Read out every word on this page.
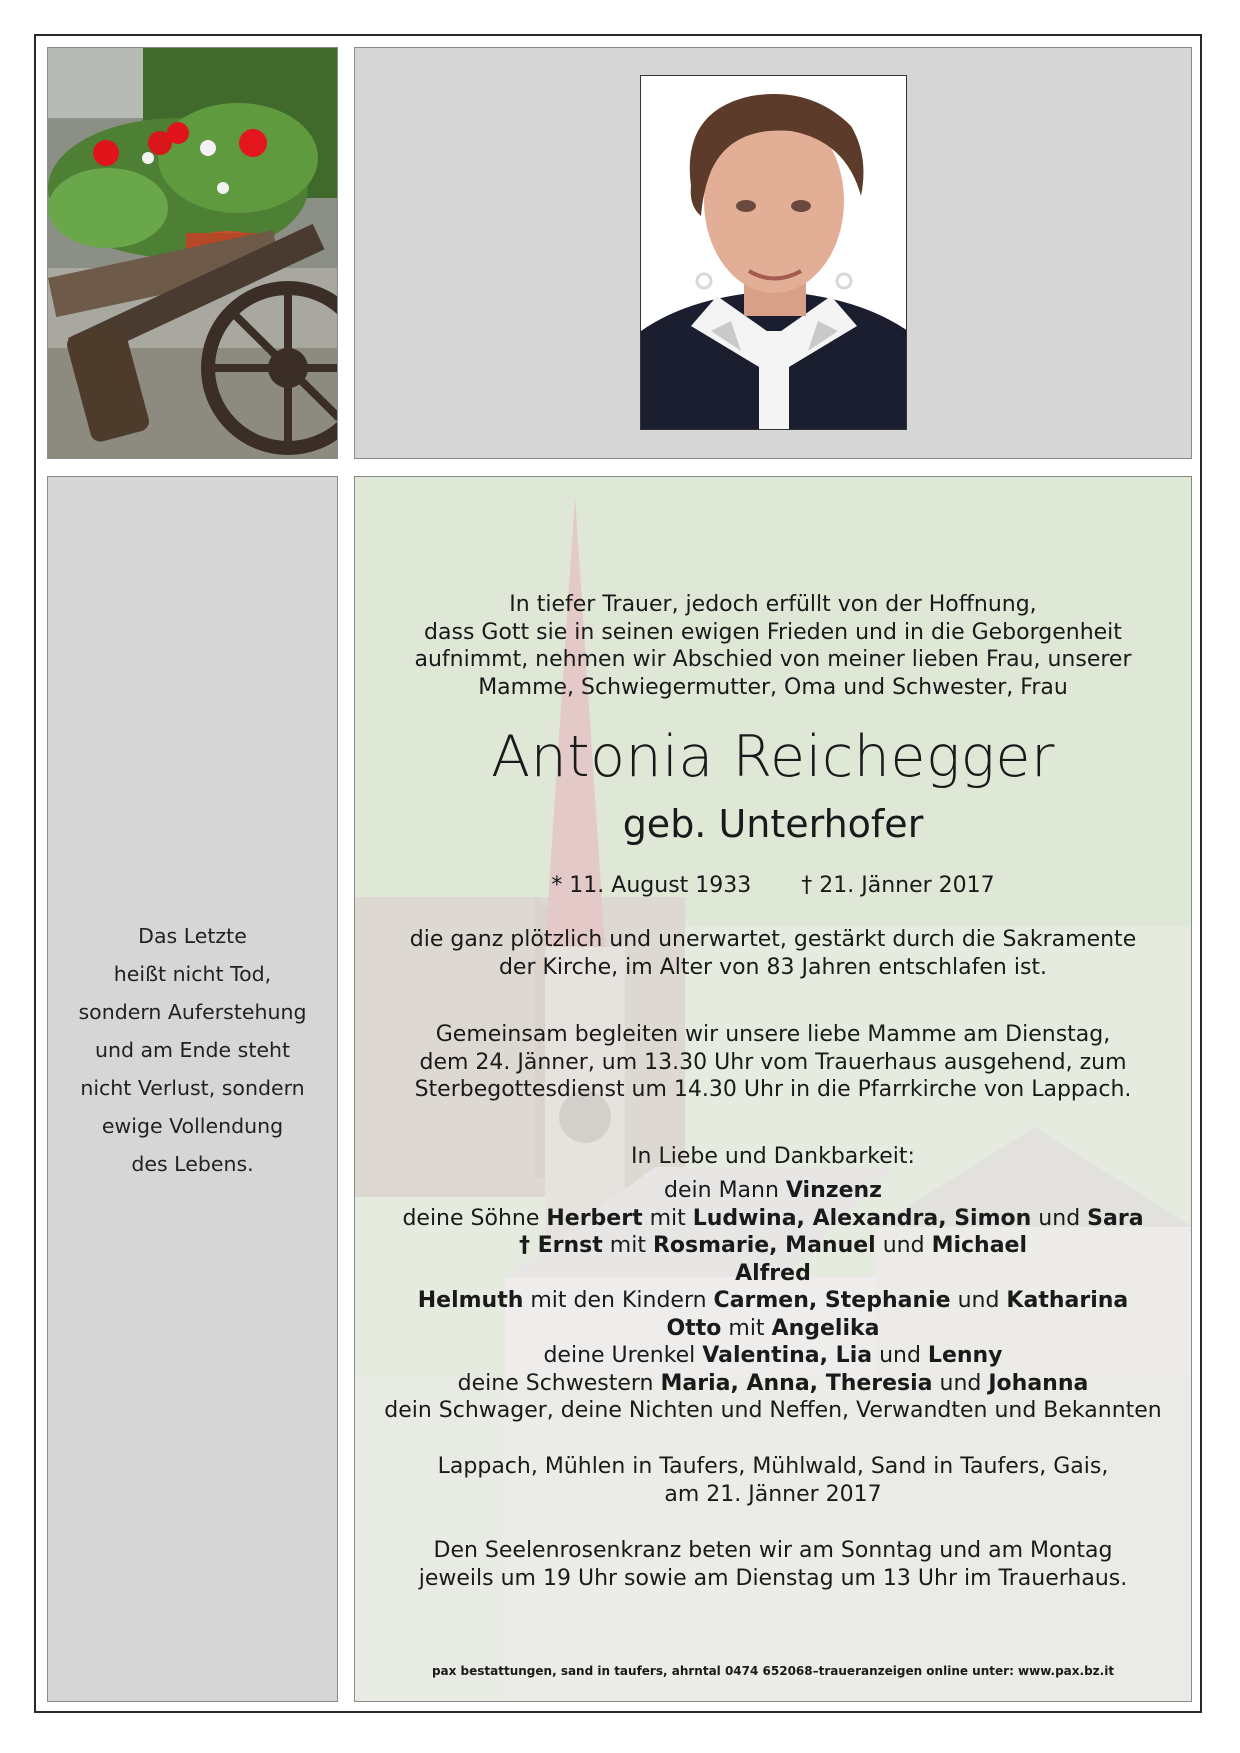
Das Letzte
heißt nicht Tod,
sondern Auferstehung
und am Ende steht
nicht Verlust, sondern
ewige Vollendung
des Lebens.
In tiefer Trauer, jedoch erfüllt von der Hoffnung,
dass Gott sie in seinen ewigen Frieden und in die Geborgenheit
aufnimmt, nehmen wir Abschied von meiner lieben Frau, unserer
Mamme, Schwiegermutter, Oma und Schwester, Frau
Antonia Reichegger
geb. Unterhofer
* 11. August 1933 † 21. Jänner 2017
die ganz plötzlich und unerwartet, gestärkt durch die Sakramente
der Kirche, im Alter von 83 Jahren entschlafen ist.
Gemeinsam begleiten wir unsere liebe Mamme am Dienstag,
dem 24. Jänner, um 13.30 Uhr vom Trauerhaus ausgehend, zum
Sterbegottesdienst um 14.30 Uhr in die Pfarrkirche von Lappach.
In Liebe und Dankbarkeit:
dein Mann Vinzenz
deine Söhne Herbert mit Ludwina, Alexandra, Simon und Sara
† Ernst mit Rosmarie, Manuel und Michael
Alfred
Helmuth mit den Kindern Carmen, Stephanie und Katharina
Otto mit Angelika
deine Urenkel Valentina, Lia und Lenny
deine Schwestern Maria, Anna, Theresia und Johanna
dein Schwager, deine Nichten und Neffen, Verwandten und Bekannten
Lappach, Mühlen in Taufers, Mühlwald, Sand in Taufers, Gais,
am 21. Jänner 2017
Den Seelenrosenkranz beten wir am Sonntag und am Montag
jeweils um 19 Uhr sowie am Dienstag um 13 Uhr im Trauerhaus.
pax bestattungen, sand in taufers, ahrntal 0474 652068–traueranzeigen online unter: www.pax.bz.it
